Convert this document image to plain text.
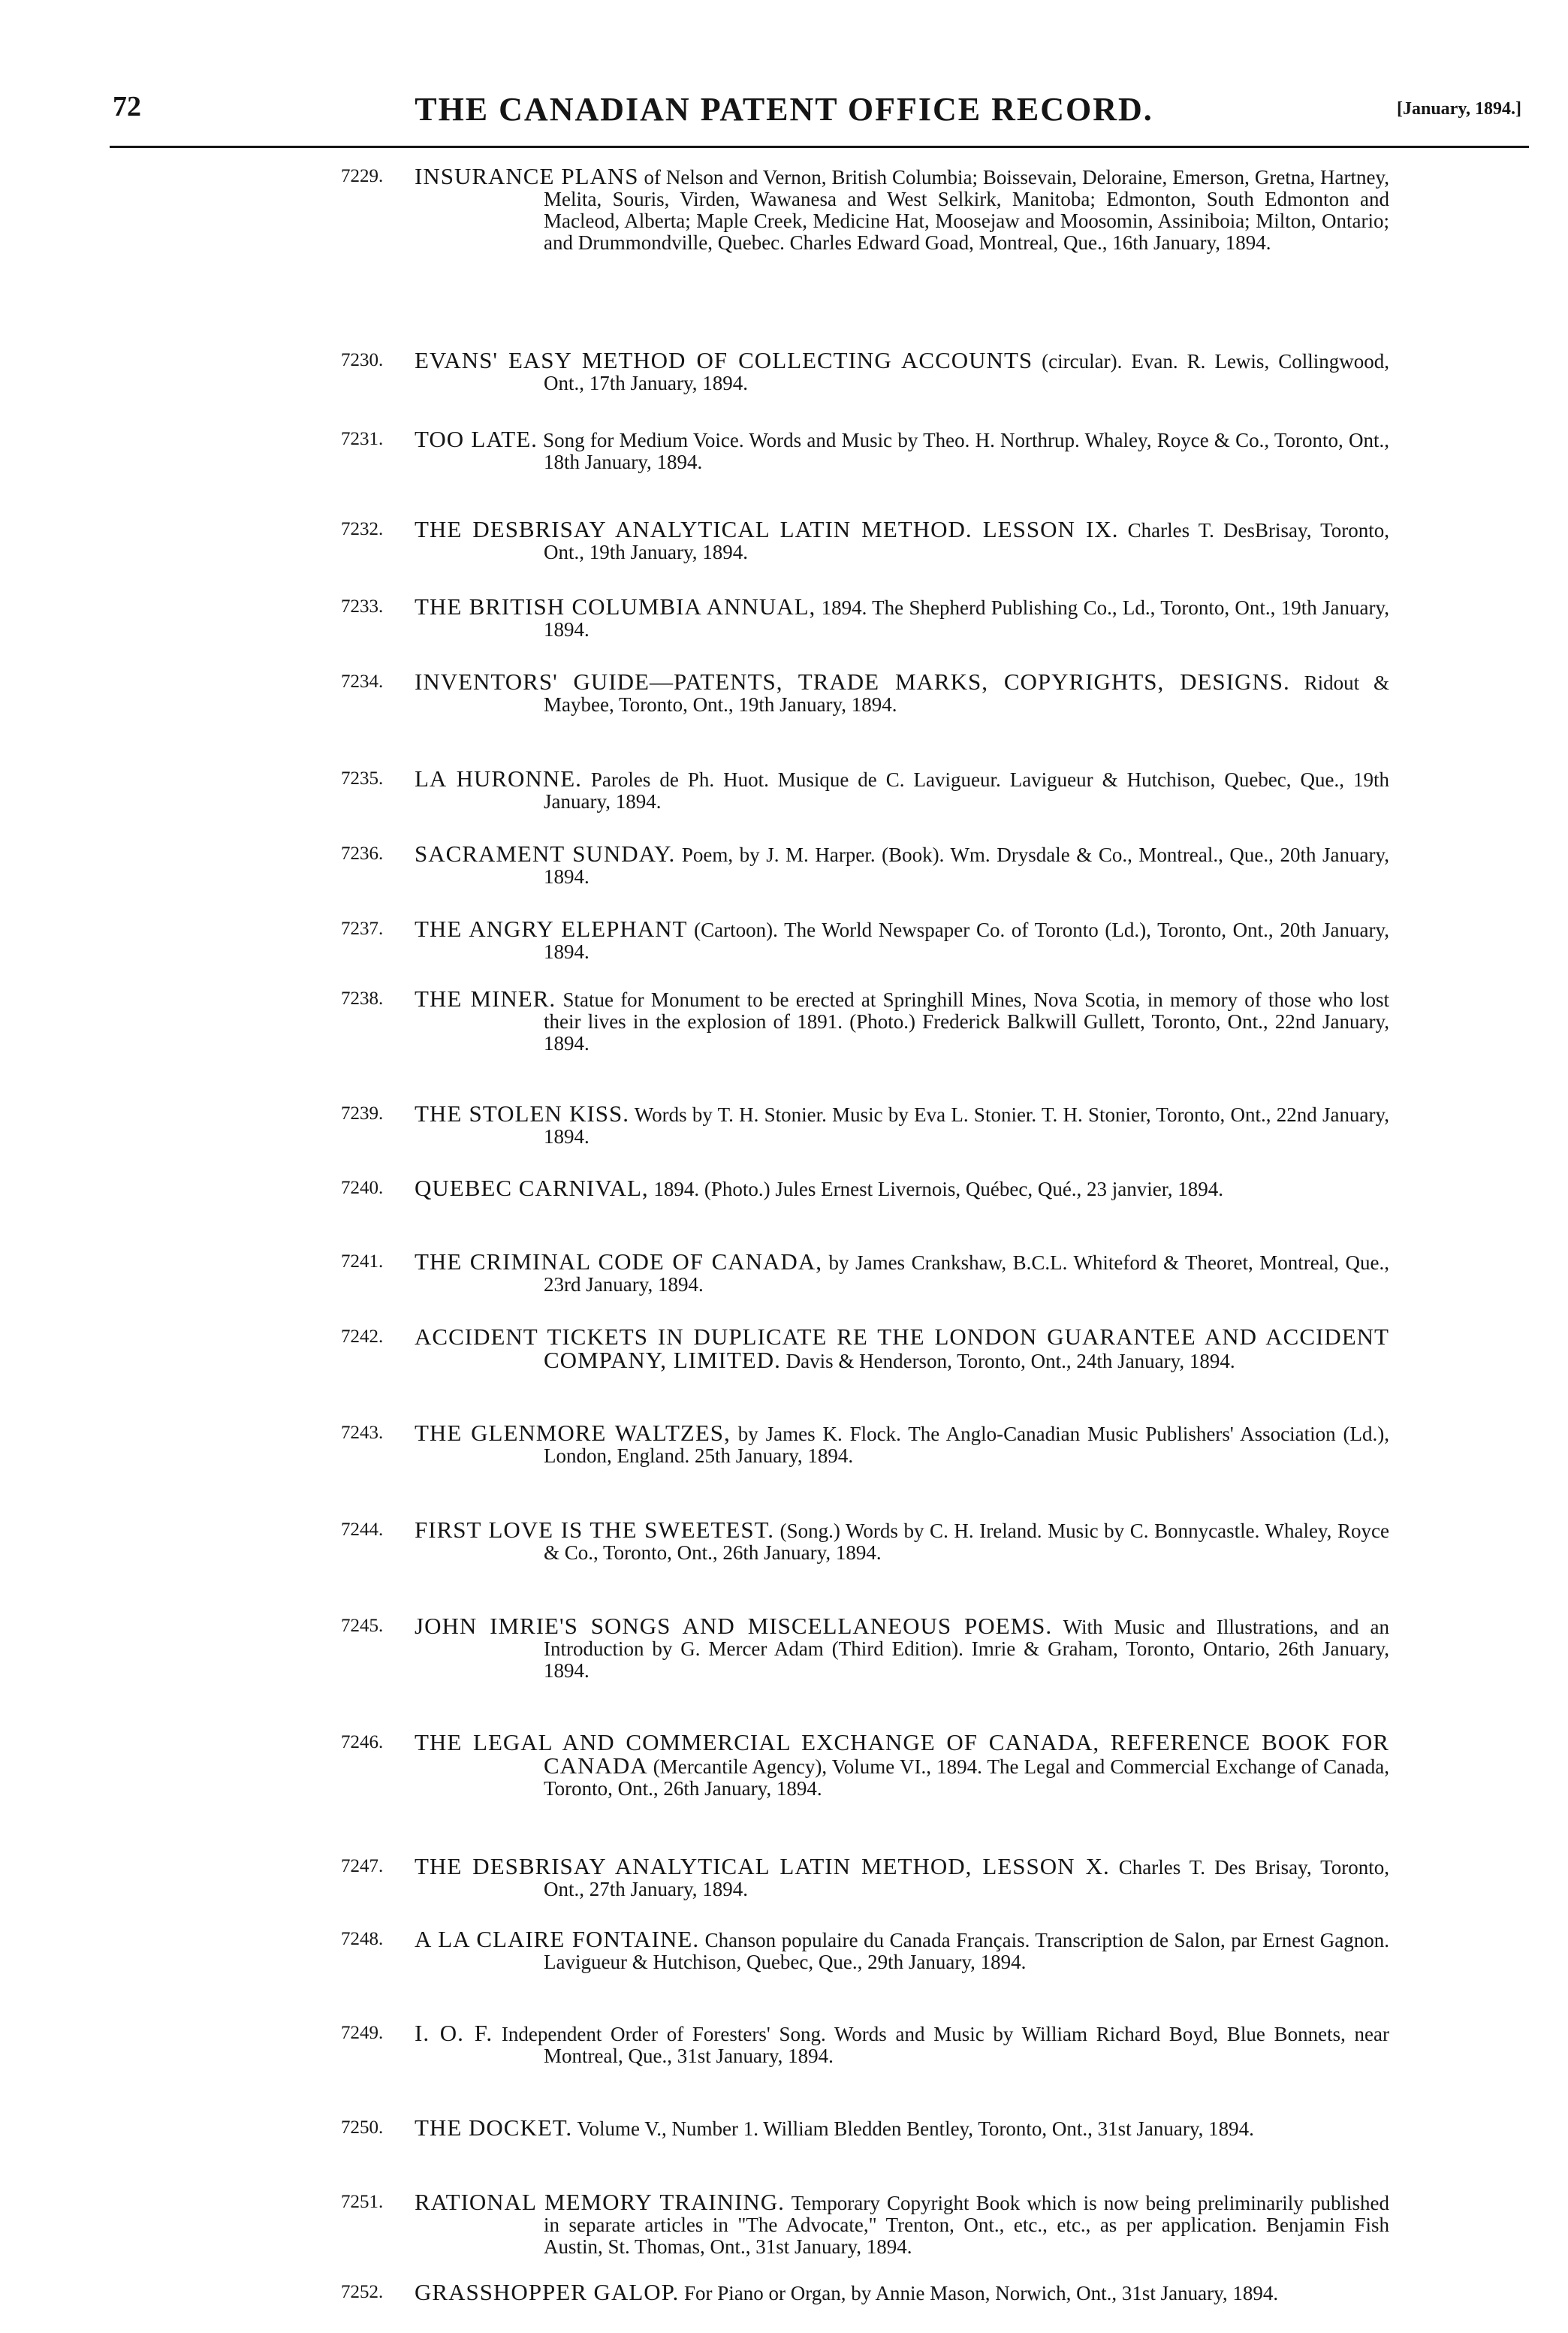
72	THE CANADIAN PATENT OFFICE RECORD.	[January, 1894.]
7229. INSURANCE PLANS of Nelson and Vernon, British Columbia; Boissevain, Deloraine, Emerson, Gretna, Hartney, Melita, Souris, Virden, Wawanesa and West Selkirk, Manitoba; Edmonton, South Edmonton and Macleod, Alberta; Maple Creek, Medicine Hat, Moosejaw and Moosomin, Assiniboia; Milton, Ontario; and Drummondville, Quebec. Charles Edward Goad, Montreal, Que., 16th January, 1894.
7230. EVANS' EASY METHOD OF COLLECTING ACCOUNTS (circular). Evan. R. Lewis, Collingwood, Ont., 17th January, 1894.
7231. TOO LATE. Song for Medium Voice. Words and Music by Theo. H. Northrup. Whaley, Royce & Co., Toronto, Ont., 18th January, 1894.
7232. THE DESBRISAY ANALYTICAL LATIN METHOD. LESSON IX. Charles T. DesBrisay, Toronto, Ont., 19th January, 1894.
7233. THE BRITISH COLUMBIA ANNUAL, 1894. The Shepherd Publishing Co., Ld., Toronto, Ont., 19th January, 1894.
7234. INVENTORS' GUIDE—PATENTS, TRADE MARKS, COPYRIGHTS, DESIGNS. Ridout & Maybee, Toronto, Ont., 19th January, 1894.
7235. LA HURONNE. Paroles de Ph. Huot. Musique de C. Lavigueur. Lavigueur & Hutchison, Quebec, Que., 19th January, 1894.
7236. SACRAMENT SUNDAY. Poem, by J. M. Harper. (Book). Wm. Drysdale & Co., Montreal., Que., 20th January, 1894.
7237. THE ANGRY ELEPHANT (Cartoon). The World Newspaper Co. of Toronto (Ld.), Toronto, Ont., 20th January, 1894.
7238. THE MINER. Statue for Monument to be erected at Springhill Mines, Nova Scotia, in memory of those who lost their lives in the explosion of 1891. (Photo.) Frederick Balkwill Gullett, Toronto, Ont., 22nd January, 1894.
7239. THE STOLEN KISS. Words by T. H. Stonier. Music by Eva L. Stonier. T. H. Stonier, Toronto, Ont., 22nd January, 1894.
7240. QUEBEC CARNIVAL, 1894. (Photo.) Jules Ernest Livernois, Québec, Qué., 23 janvier, 1894.
7241. THE CRIMINAL CODE OF CANADA, by James Crankshaw, B.C.L. Whiteford & Theoret, Montreal, Que., 23rd January, 1894.
7242. ACCIDENT TICKETS IN DUPLICATE RE THE LONDON GUARANTEE AND ACCIDENT COMPANY, LIMITED. Davis & Henderson, Toronto, Ont., 24th January, 1894.
7243. THE GLENMORE WALTZES, by James K. Flock. The Anglo-Canadian Music Publishers' Association (Ld.), London, England. 25th January, 1894.
7244. FIRST LOVE IS THE SWEETEST. (Song.) Words by C. H. Ireland. Music by C. Bonnycastle. Whaley, Royce & Co., Toronto, Ont., 26th January, 1894.
7245. JOHN IMRIE'S SONGS AND MISCELLANEOUS POEMS. With Music and Illustrations, and an Introduction by G. Mercer Adam (Third Edition). Imrie & Graham, Toronto, Ontario, 26th January, 1894.
7246. THE LEGAL AND COMMERCIAL EXCHANGE OF CANADA, REFERENCE BOOK FOR CANADA (Mercantile Agency), Volume VI., 1894. The Legal and Commercial Exchange of Canada, Toronto, Ont., 26th January, 1894.
7247. THE DESBRISAY ANALYTICAL LATIN METHOD, LESSON X. Charles T. Des Brisay, Toronto, Ont., 27th January, 1894.
7248. A LA CLAIRE FONTAINE. Chanson populaire du Canada Français. Transcription de Salon, par Ernest Gagnon. Lavigueur & Hutchison, Quebec, Que., 29th January, 1894.
7249. I. O. F. Independent Order of Foresters' Song. Words and Music by William Richard Boyd, Blue Bonnets, near Montreal, Que., 31st January, 1894.
7250. THE DOCKET. Volume V., Number 1. William Bledden Bentley, Toronto, Ont., 31st January, 1894.
7251. RATIONAL MEMORY TRAINING. Temporary Copyright Book which is now being preliminarily published in separate articles in "The Advocate," Trenton, Ont., etc., etc., as per application. Benjamin Fish Austin, St. Thomas, Ont., 31st January, 1894.
7252. GRASSHOPPER GALOP. For Piano or Organ, by Annie Mason, Norwich, Ont., 31st January, 1894.
